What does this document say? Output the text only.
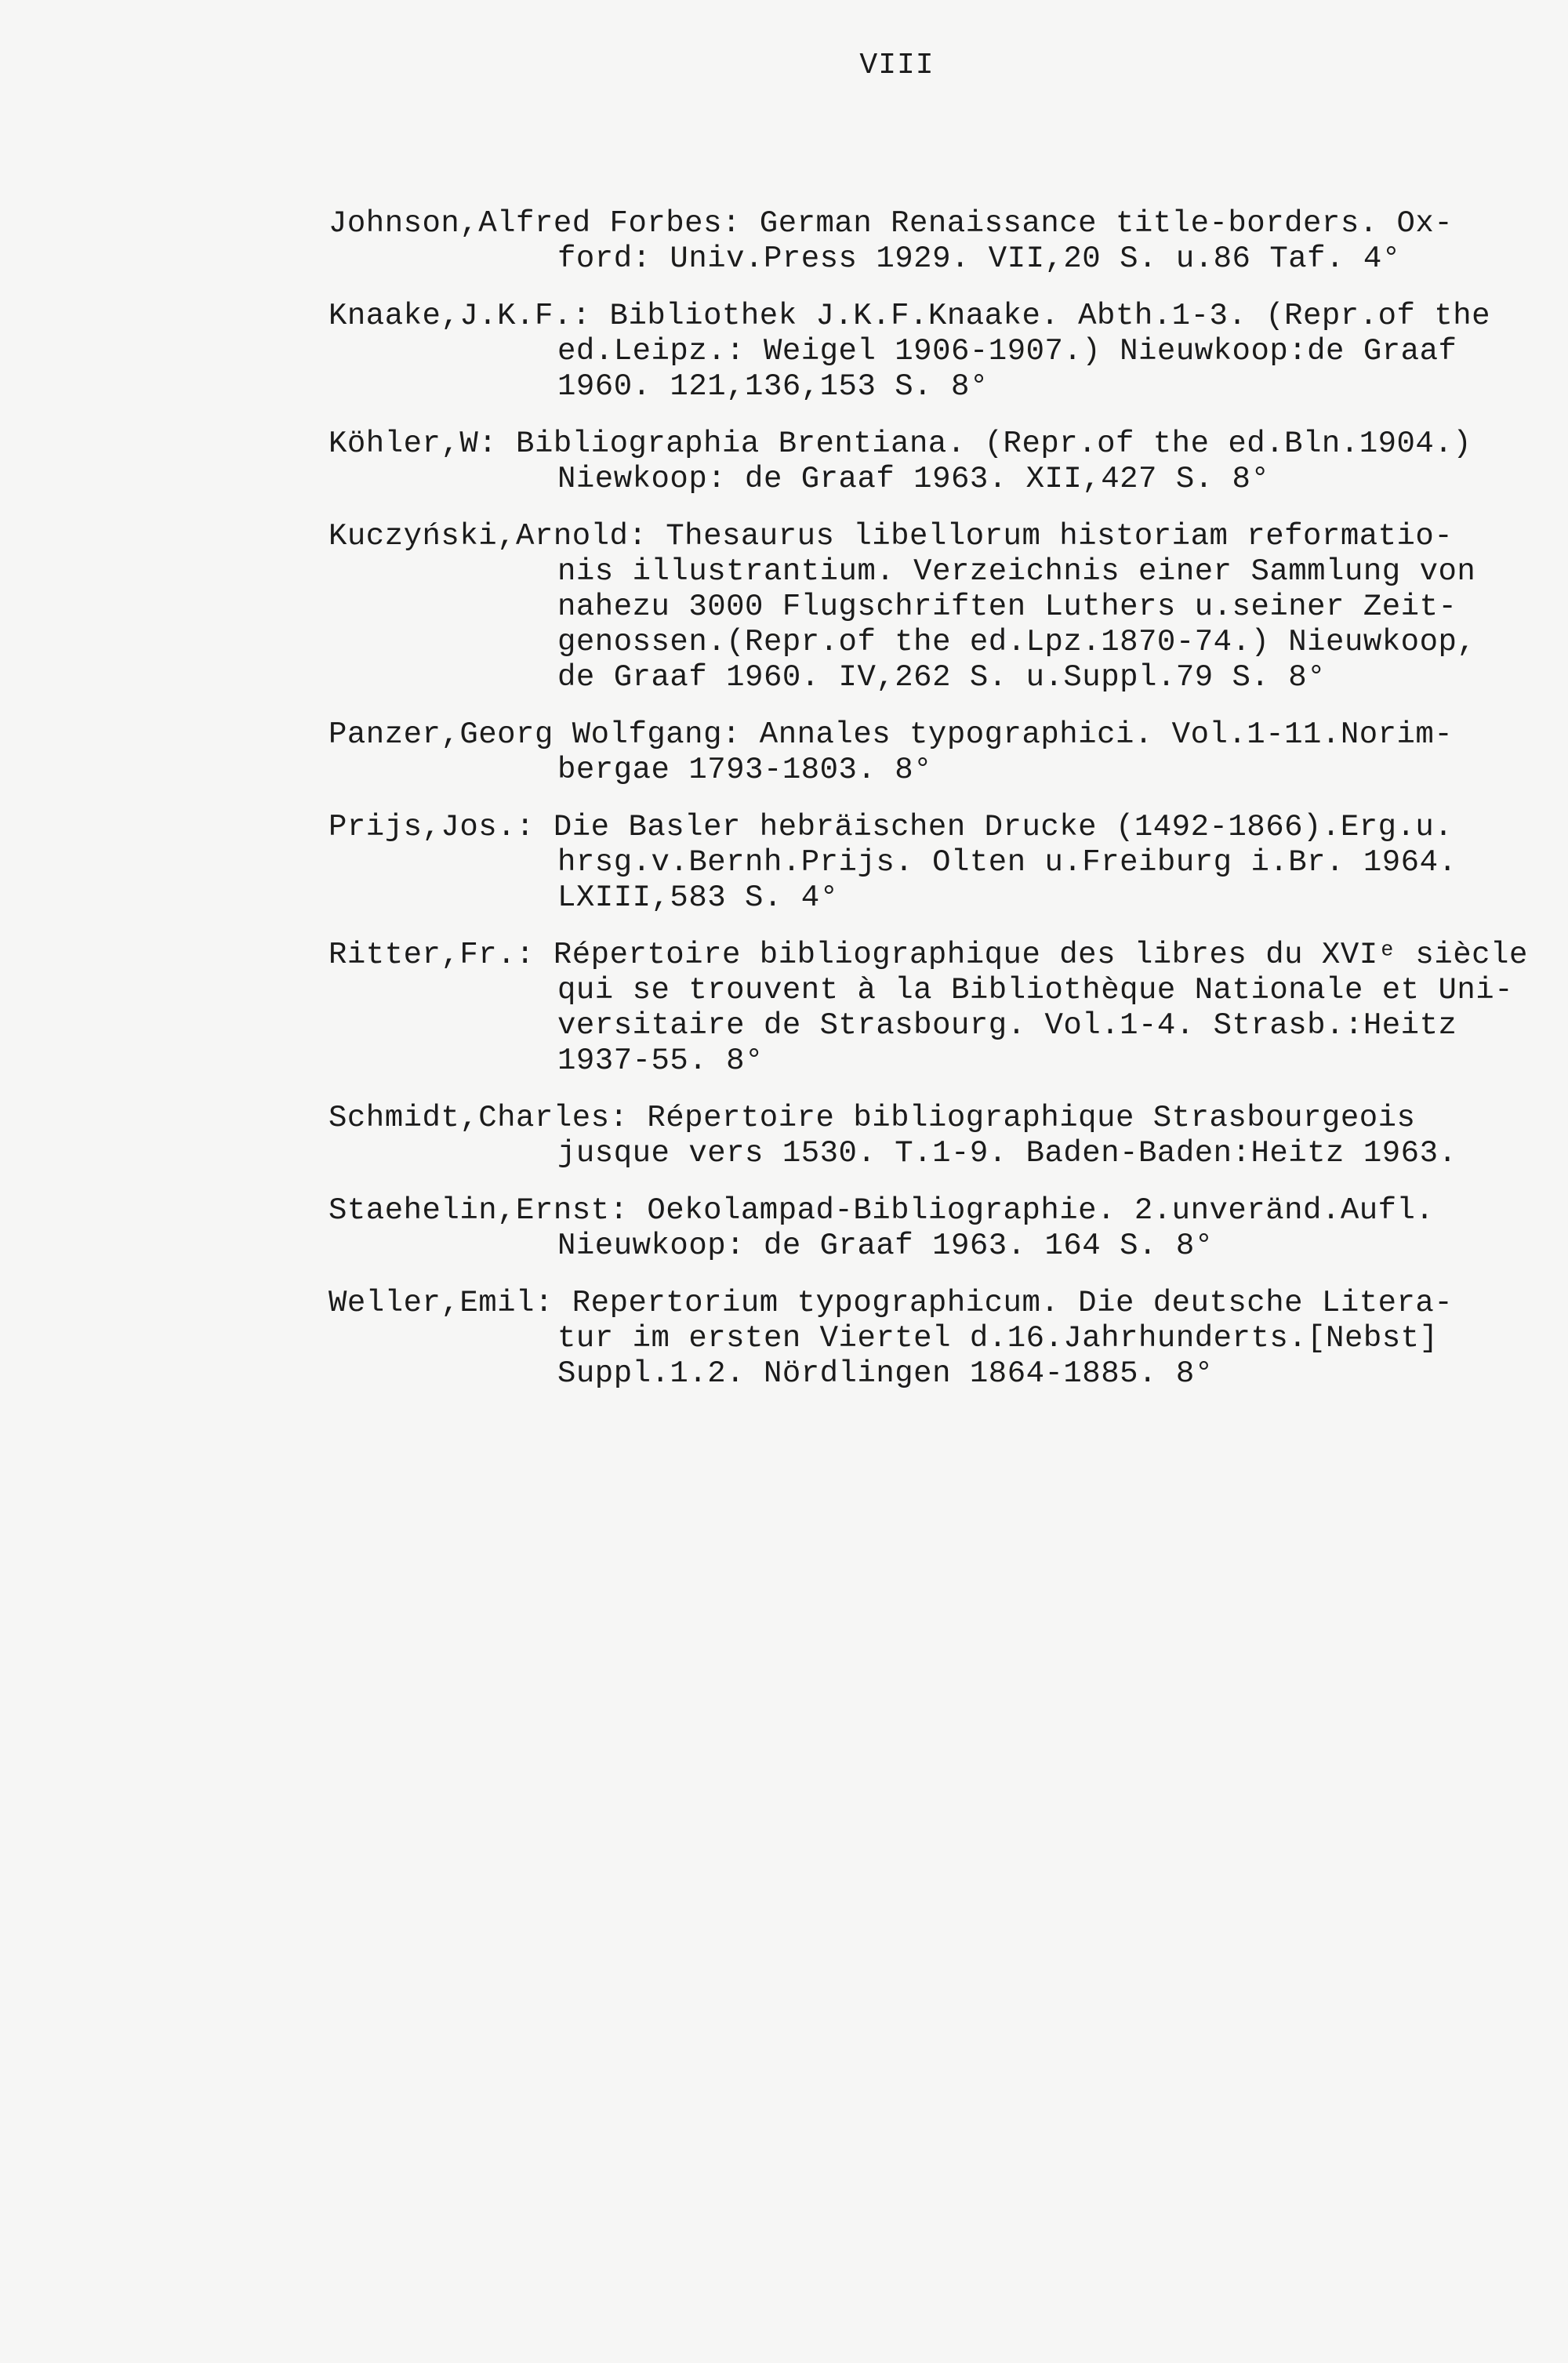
VIII
Johnson,Alfred Forbes: German Renaissance title-borders. Ox-
ford: Univ.Press 1929. VII,20 S. u.86 Taf. 4°
Knaake,J.K.F.: Bibliothek J.K.F.Knaake. Abth.1-3. (Repr.of the
ed.Leipz.: Weigel 1906-1907.) Nieuwkoop:de Graaf
1960. 121,136,153 S. 8°
Köhler,W: Bibliographia Brentiana. (Repr.of the ed.Bln.1904.)
Niewkoop: de Graaf 1963. XII,427 S. 8°
Kuczyński,Arnold: Thesaurus libellorum historiam reformatio-
nis illustrantium. Verzeichnis einer Sammlung von
nahezu 3000 Flugschriften Luthers u.seiner Zeit-
genossen.(Repr.of the ed.Lpz.1870-74.) Nieuwkoop,
de Graaf 1960. IV,262 S. u.Suppl.79 S. 8°
Panzer,Georg Wolfgang: Annales typographici. Vol.1-11.Norim-
bergae 1793-1803. 8°
Prijs,Jos.: Die Basler hebräischen Drucke (1492-1866).Erg.u.
hrsg.v.Bernh.Prijs. Olten u.Freiburg i.Br. 1964.
LXIII,583 S. 4°
Ritter,Fr.: Répertoire bibliographique des libres du XVIᵉ siècle
qui se trouvent à la Bibliothèque Nationale et Uni-
versitaire de Strasbourg. Vol.1-4. Strasb.:Heitz
1937-55. 8°
Schmidt,Charles: Répertoire bibliographique Strasbourgeois
jusque vers 1530. T.1-9. Baden-Baden:Heitz 1963.
Staehelin,Ernst: Oekolampad-Bibliographie. 2.unveränd.Aufl.
Nieuwkoop: de Graaf 1963. 164 S. 8°
Weller,Emil: Repertorium typographicum. Die deutsche Litera-
tur im ersten Viertel d.16.Jahrhunderts.[Nebst]
Suppl.1.2. Nördlingen 1864-1885. 8°
